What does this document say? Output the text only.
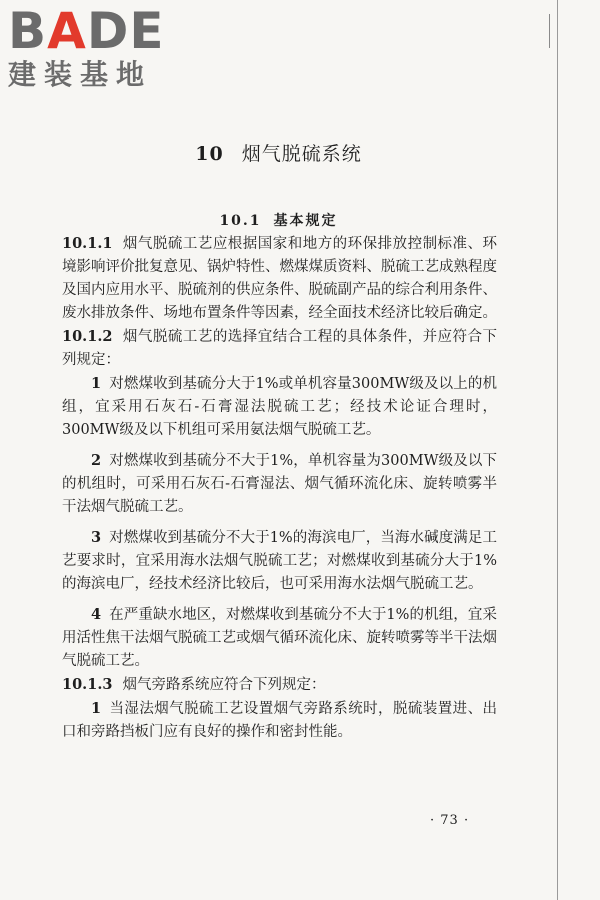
BADE
建装基地
10 烟气脱硫系统
10.1 基本规定

10.1.1 烟气脱硫工艺应根据国家和地方的环保排放控制标准、环境影响评价批复意见、锅炉特性、燃煤煤质资料、脱硫工艺成熟程度及国内应用水平、脱硫剂的供应条件、脱硫副产品的综合利用条件、废水排放条件、场地布置条件等因素，经全面技术经济比较后确定。

10.1.2 烟气脱硫工艺的选择宜结合工程的具体条件，并应符合下列规定：

1 对燃煤收到基硫分大于1%或单机容量300MW级及以上的机组，宜采用石灰石-石膏湿法脱硫工艺；经技术论证合理时，300MW级及以下机组可采用氨法烟气脱硫工艺。

2 对燃煤收到基硫分不大于1%，单机容量为300MW级及以下的机组时，可采用石灰石-石膏湿法、烟气循环流化床、旋转喷雾半干法烟气脱硫工艺。

3 对燃煤收到基硫分不大于1%的海滨电厂，当海水碱度满足工艺要求时，宜采用海水法烟气脱硫工艺；对燃煤收到基硫分大于1%的海滨电厂，经技术经济比较后，也可采用海水法烟气脱硫工艺。

4 在严重缺水地区，对燃煤收到基硫分不大于1%的机组，宜采用活性焦干法烟气脱硫工艺或烟气循环流化床、旋转喷雾等半干法烟气脱硫工艺。

10.1.3 烟气旁路系统应符合下列规定：

1 当湿法烟气脱硫工艺设置烟气旁路系统时，脱硫装置进、出口和旁路挡板门应有良好的操作和密封性能。

· 73 ·
